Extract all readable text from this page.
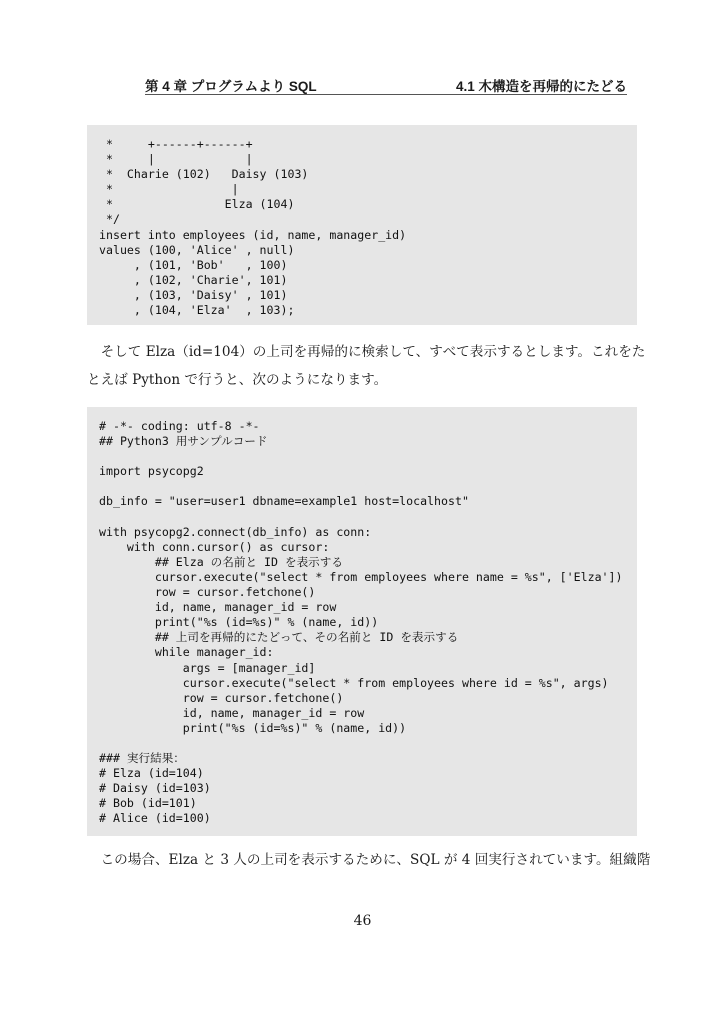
第 4 章 プログラムより SQL	4.1 木構造を再帰的にたどる
*     +------+------+
*     |             |
*  Charie (102)   Daisy (103)
*                 |
*                Elza (104)
*/
insert into employees (id, name, manager_id)
values (100, 'Alice' , null)
, (101, 'Bob'   , 100)
, (102, 'Charie', 101)
, (103, 'Daisy' , 101)
, (104, 'Elza'  , 103);
　そして Elza（id=104）の上司を再帰的に検索して、すべて表示するとします。これをた
とえば Python で行うと、次のようになります。
# -*- coding: utf-8 -*-
## Python3 用サンプルコード
import psycopg2
db_info = "user=user1 dbname=example1 host=localhost"
with psycopg2.connect(db_info) as conn:
with conn.cursor() as cursor:
## Elza の名前と ID を表示する
cursor.execute("select * from employees where name = %s", ['Elza'])
row = cursor.fetchone()
id, name, manager_id = row
print("%s (id=%s)" % (name, id))
## 上司を再帰的にたどって、その名前と ID を表示する
while manager_id:
args = [manager_id]
cursor.execute("select * from employees where id = %s", args)
row = cursor.fetchone()
id, name, manager_id = row
print("%s (id=%s)" % (name, id))
### 実行結果：
# Elza (id=104)
# Daisy (id=103)
# Bob (id=101)
# Alice (id=100)
　この場合、Elza と 3 人の上司を表示するために、SQL が 4 回実行されています。組織階
46
